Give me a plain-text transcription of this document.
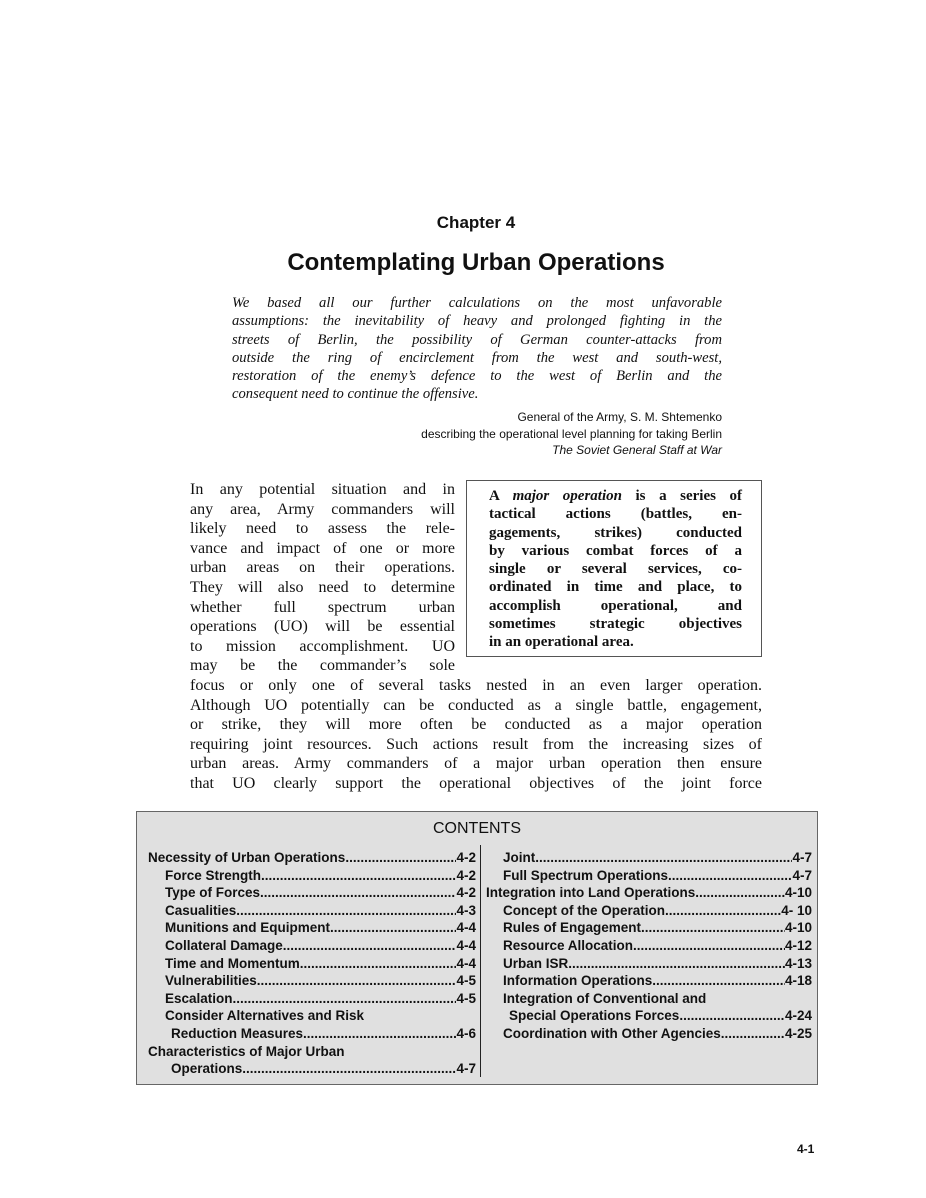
Chapter 4
Contemplating Urban Operations
We based all our further calculations on the most unfavorable
assumptions: the inevitability of heavy and prolonged fighting in the
streets of Berlin, the possibility of German counter-attacks from
outside the ring of encirclement from the west and south-west,
restoration of the enemy’s defence to the west of Berlin and the
consequent need to continue the offensive.
General of the Army, S. M. Shtemenko
describing the operational level planning for taking Berlin
The Soviet General Staff at War
In any potential situation and in
any area, Army commanders will
likely need to assess the rele-
vance and impact of one or more
urban areas on their operations.
They will also need to determine
whether full spectrum urban
operations (UO) will be essential
to mission accomplishment. UO
may be the commander’s sole
A major operation is a series of
tactical actions (battles, en-
gagements, strikes) conducted
by various combat forces of a
single or several services, co-
ordinated in time and place, to
accomplish operational, and
sometimes strategic objectives
in an operational area.
focus or only one of several tasks nested in an even larger operation.
Although UO potentially can be conducted as a single battle, engagement,
or strike, they will more often be conducted as a major operation
requiring joint resources. Such actions result from the increasing sizes of
urban areas. Army commanders of a major urban operation then ensure
that UO clearly support the operational objectives of the joint force
CONTENTS
Necessity of Urban Operations .....	4-2
Force Strength .....	4-2
Type of Forces .....	4-2
Casualities .....	4-3
Munitions and Equipment .....	4-4
Collateral Damage .....	4-4
Time and Momentum .....	4-4
Vulnerabilities .....	4-5
Escalation .....	4-5
Consider Alternatives and Risk
Reduction Measures .....	4-6
Characteristics of Major Urban
Operations .....	4-7
Joint .....	4-7
Full Spectrum Operations .....	4-7
Integration into Land Operations .....	4-10
Concept of the Operation .....	4- 10
Rules of Engagement .....	4-10
Resource Allocation .....	4-12
Urban ISR .....	4-13
Information Operations .....	4-18
Integration of Conventional and
Special Operations Forces .....	4-24
Coordination with Other Agencies .....	4-25
4-1
